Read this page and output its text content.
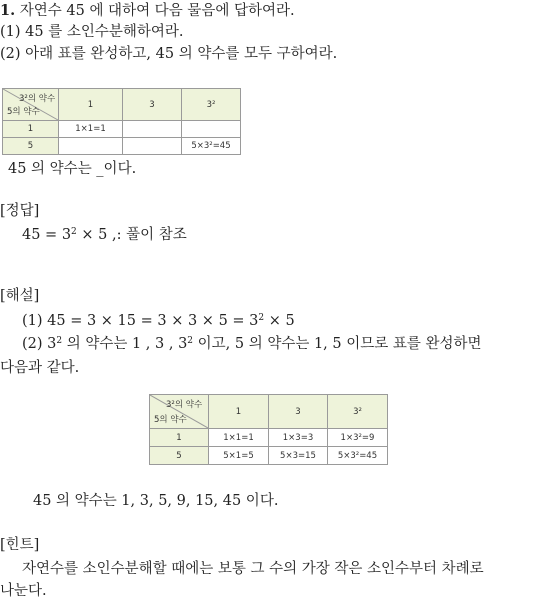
1. 자연수 45 에 대하여 다음 물음에 답하여라.
(1) 45 를 소인수분해하여라.
(2) 아래 표를 완성하고, 45 의 약수를 모두 구하여라.
3²의 약수
5의 약수	1	3	3²
1	1×1=1		
5			5×3²=45
45 의 약수는 _이다.
[정답]
$45 = 3^2 \times 5$ ,: 풀이 참조
[해설]
(1) $45 = 3 \times 15 = 3 \times 3 \times 5 = 3^2 \times 5$
(2) $3^2$ 의 약수는 1 , 3 , $3^2$ 이고, 5 의 약수는 1, 5 이므로 표를 완성하면
다음과 같다.
3²의 약수
5의 약수	1	3	3²
1	1×1=1	1×3=3	1×3²=9
5	5×1=5	5×3=15	5×3²=45
45 의 약수는 1, 3, 5, 9, 15, 45 이다.
[힌트]
자연수를 소인수분해할 때에는 보통 그 수의 가장 작은 소인수부터 차례로
나눈다.
